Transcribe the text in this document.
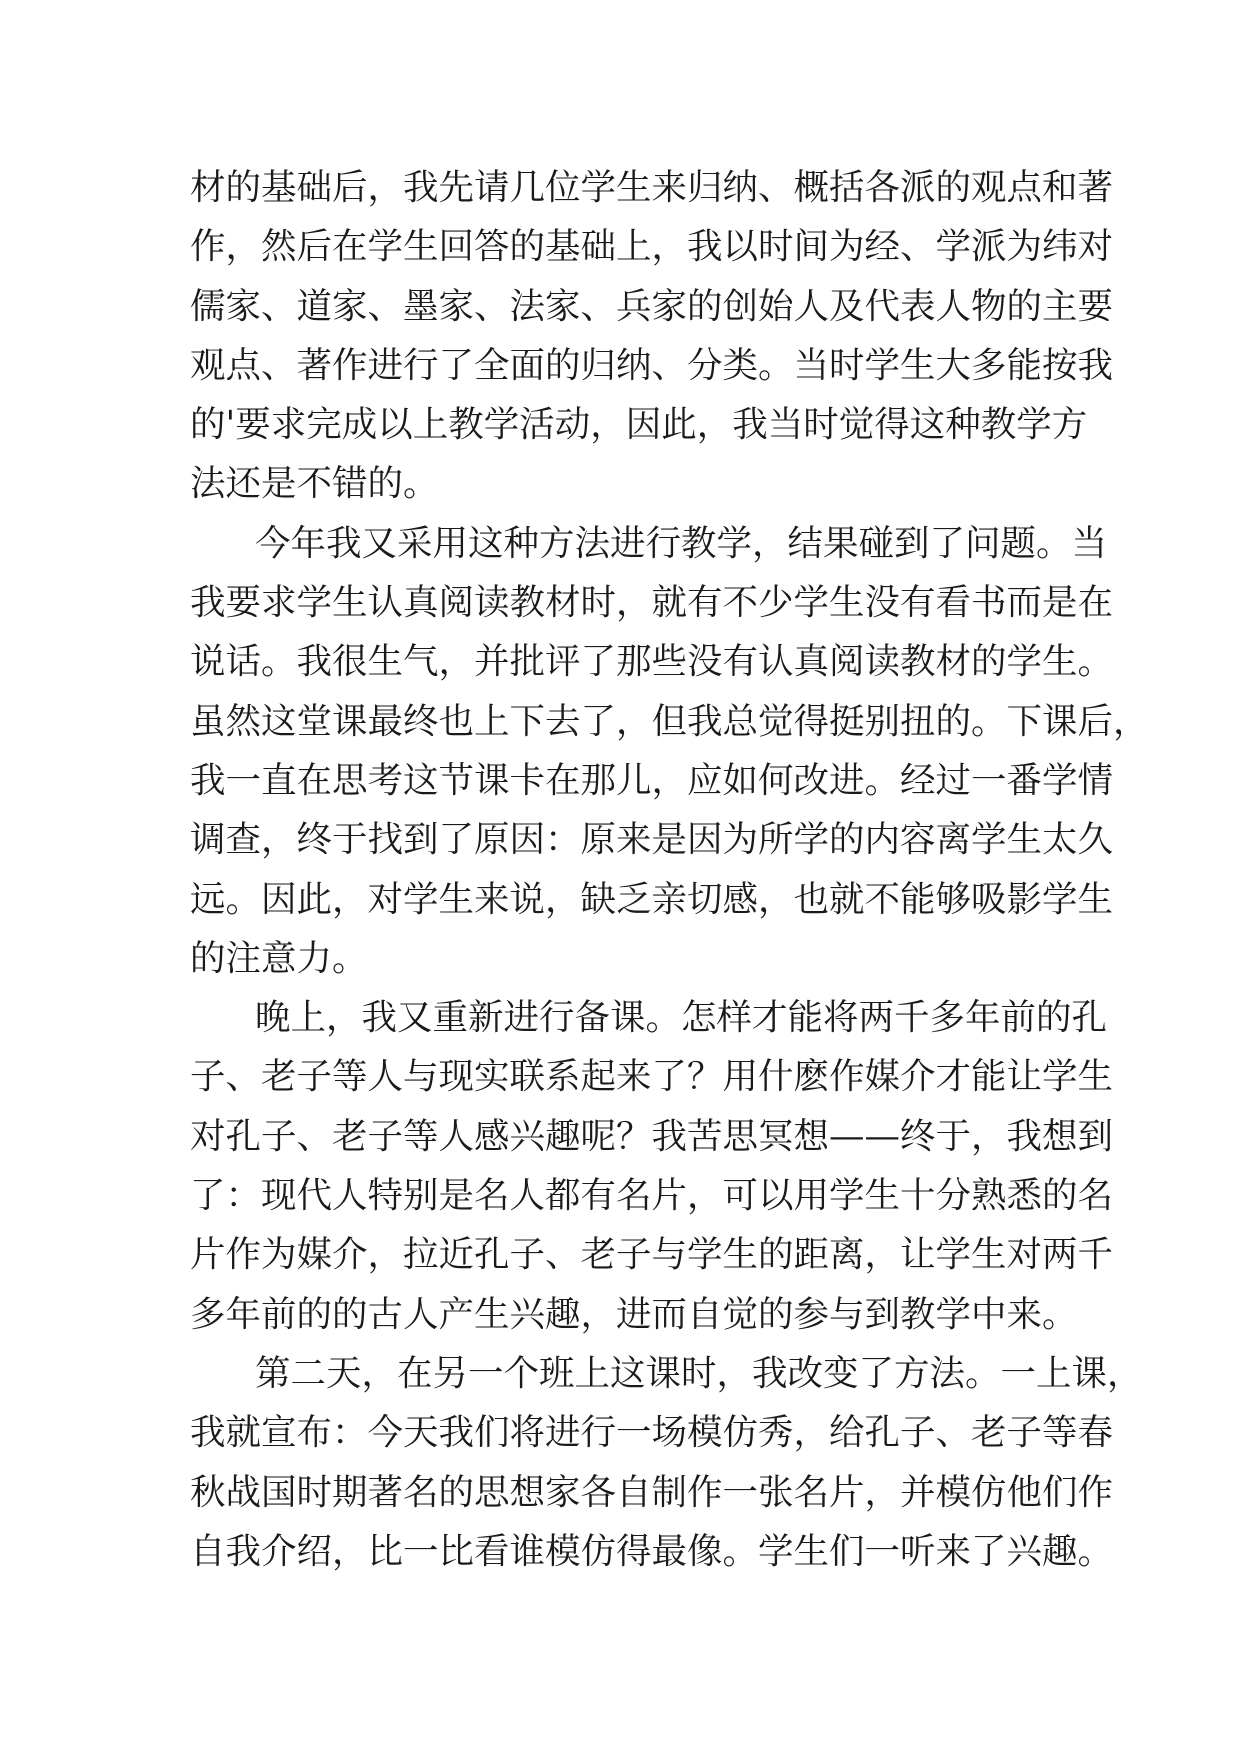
材的基础后，我先请几位学生来归纳、概括各派的观点和著
作，然后在学生回答的基础上，我以时间为经、学派为纬对
儒家、道家、墨家、法家、兵家的创始人及代表人物的主要
观点、著作进行了全面的归纳、分类。当时学生大多能按我
的'要求完成以上教学活动，因此，我当时觉得这种教学方
法还是不错的。
今年我又采用这种方法进行教学，结果碰到了问题。当
我要求学生认真阅读教材时，就有不少学生没有看书而是在
说话。我很生气，并批评了那些没有认真阅读教材的学生。
虽然这堂课最终也上下去了，但我总觉得挺别扭的。下课后，
我一直在思考这节课卡在那儿，应如何改进。经过一番学情
调查，终于找到了原因：原来是因为所学的内容离学生太久
远。因此，对学生来说，缺乏亲切感，也就不能够吸影学生
的注意力。
晚上，我又重新进行备课。怎样才能将两千多年前的孔
子、老子等人与现实联系起来了？用什麽作媒介才能让学生
对孔子、老子等人感兴趣呢？我苦思冥想——终于，我想到
了：现代人特别是名人都有名片，可以用学生十分熟悉的名
片作为媒介，拉近孔子、老子与学生的距离，让学生对两千
多年前的的古人产生兴趣，进而自觉的参与到教学中来。
第二天，在另一个班上这课时，我改变了方法。一上课，
我就宣布：今天我们将进行一场模仿秀，给孔子、老子等春
秋战国时期著名的思想家各自制作一张名片，并模仿他们作
自我介绍，比一比看谁模仿得最像。学生们一听来了兴趣。
